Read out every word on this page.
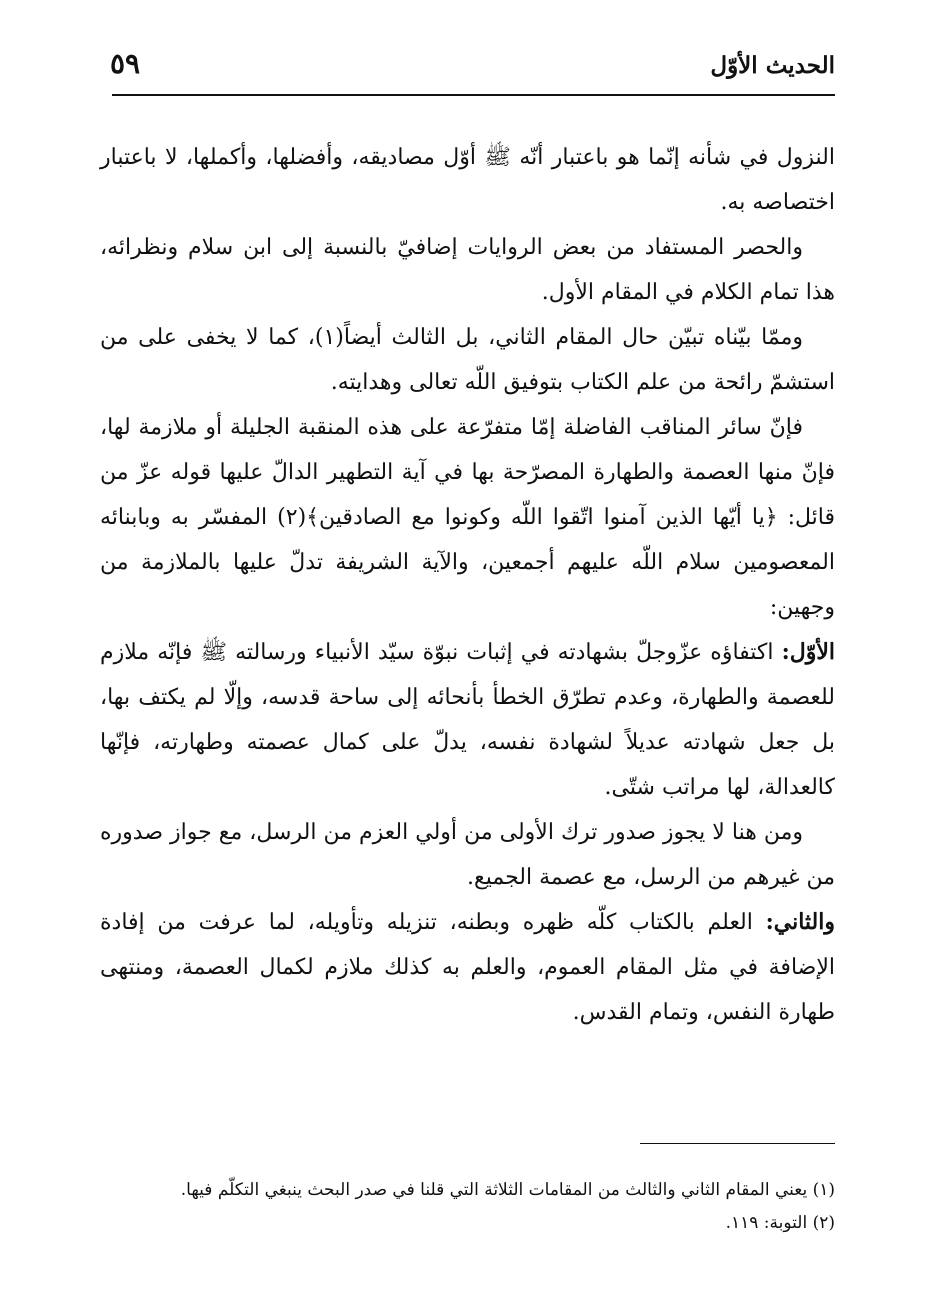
الحديث الأوّل
٥٩

النزول في شأنه إنّما هو باعتبار أنّه ﷺ أوّل مصاديقه، وأفضلها، وأكملها، لا باعتبار اختصاصه به.

والحصر المستفاد من بعض الروايات إضافيّ بالنسبة إلى ابن سلام ونظرائه، هذا تمام الكلام في المقام الأول.

وممّا بيّناه تبيّن حال المقام الثاني، بل الثالث أيضاً(١)، كما لا يخفى على من استشمّ رائحة من علم الكتاب بتوفيق اللّه تعالى وهدايته.

فإنّ سائر المناقب الفاضلة إمّا متفرّعة على هذه المنقبة الجليلة أو ملازمة لها، فإنّ منها العصمة والطهارة المصرّحة بها في آية التطهير الدالّ عليها قوله عزّ من قائل: ﴿يا أيّها الذين آمنوا اتّقوا اللّه وكونوا مع الصادقين﴾(٢) المفسّر به وبابنائه المعصومين سلام اللّه عليهم أجمعين، والآية الشريفة تدلّ عليها بالملازمة من وجهين:

الأوّل: اكتفاؤه عزّوجلّ بشهادته في إثبات نبوّة سيّد الأنبياء ورسالته ﷺ فإنّه ملازم للعصمة والطهارة، وعدم تطرّق الخطأ بأنحائه إلى ساحة قدسه، وإلّا لم يكتف بها، بل جعل شهادته عديلاً لشهادة نفسه، يدلّ على كمال عصمته وطهارته، فإنّها كالعدالة، لها مراتب شتّى.

ومن هنا لا يجوز صدور ترك الأولى من أولي العزم من الرسل، مع جواز صدوره من غيرهم من الرسل، مع عصمة الجميع.

والثاني: العلم بالكتاب كلّه ظهره وبطنه، تنزيله وتأويله، لما عرفت من إفادة الإضافة في مثل المقام العموم، والعلم به كذلك ملازم لكمال العصمة، ومنتهى طهارة النفس، وتمام القدس.

(١) يعني المقام الثاني والثالث من المقامات الثلاثة التي قلنا في صدر البحث ينبغي التكلّم فيها.

(٢) التوبة: ١١٩.
